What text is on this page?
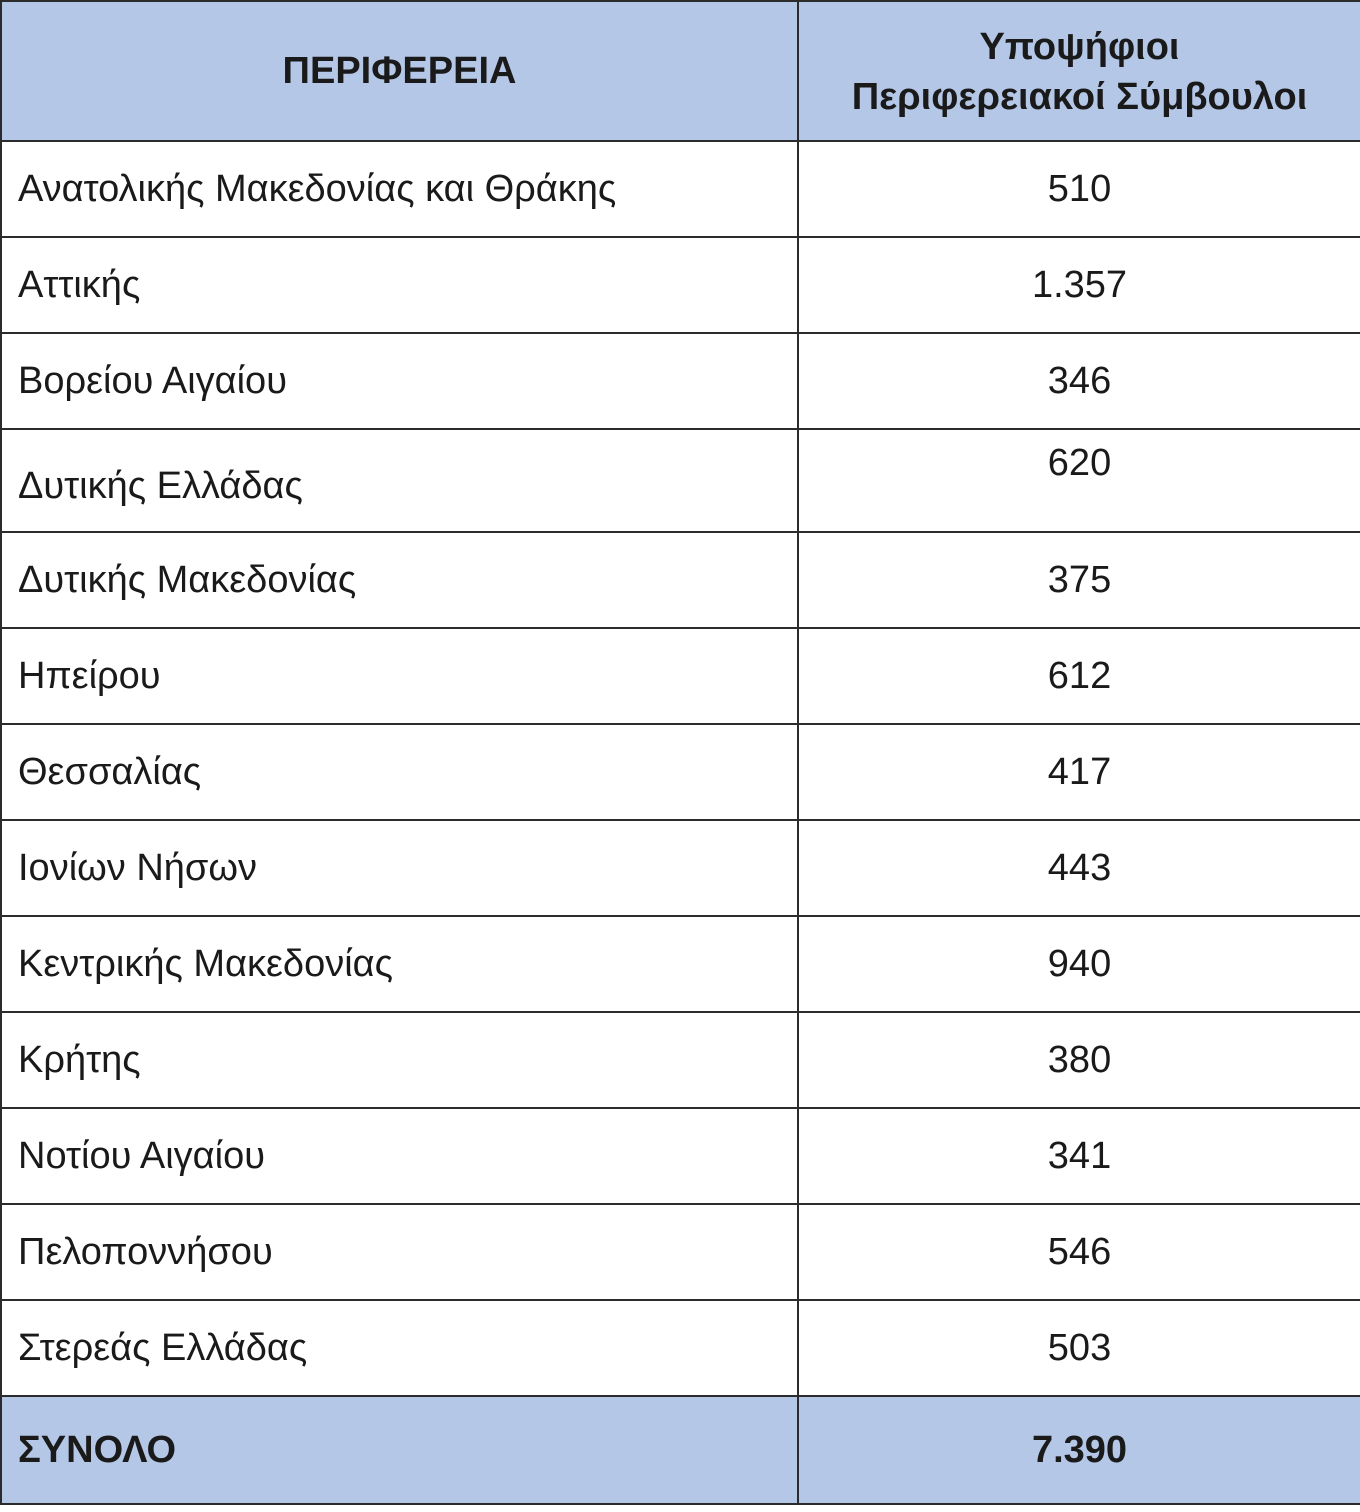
ΠΕΡΙΦΕΡΕΙΑ	Υποψήφιοι
Περιφερειακοί Σύμβουλοι

Ανατολικής Μακεδονίας και Θράκης	510
Αττικής	1.357
Βορείου Αιγαίου	346
Δυτικής Ελλάδας	620
Δυτικής Μακεδονίας	375
Ηπείρου	612
Θεσσαλίας	417
Ιονίων Νήσων	443
Κεντρικής Μακεδονίας	940
Κρήτης	380
Νοτίου Αιγαίου	341
Πελοποννήσου	546
Στερεάς Ελλάδας	503
ΣΥΝΟΛΟ	7.390
